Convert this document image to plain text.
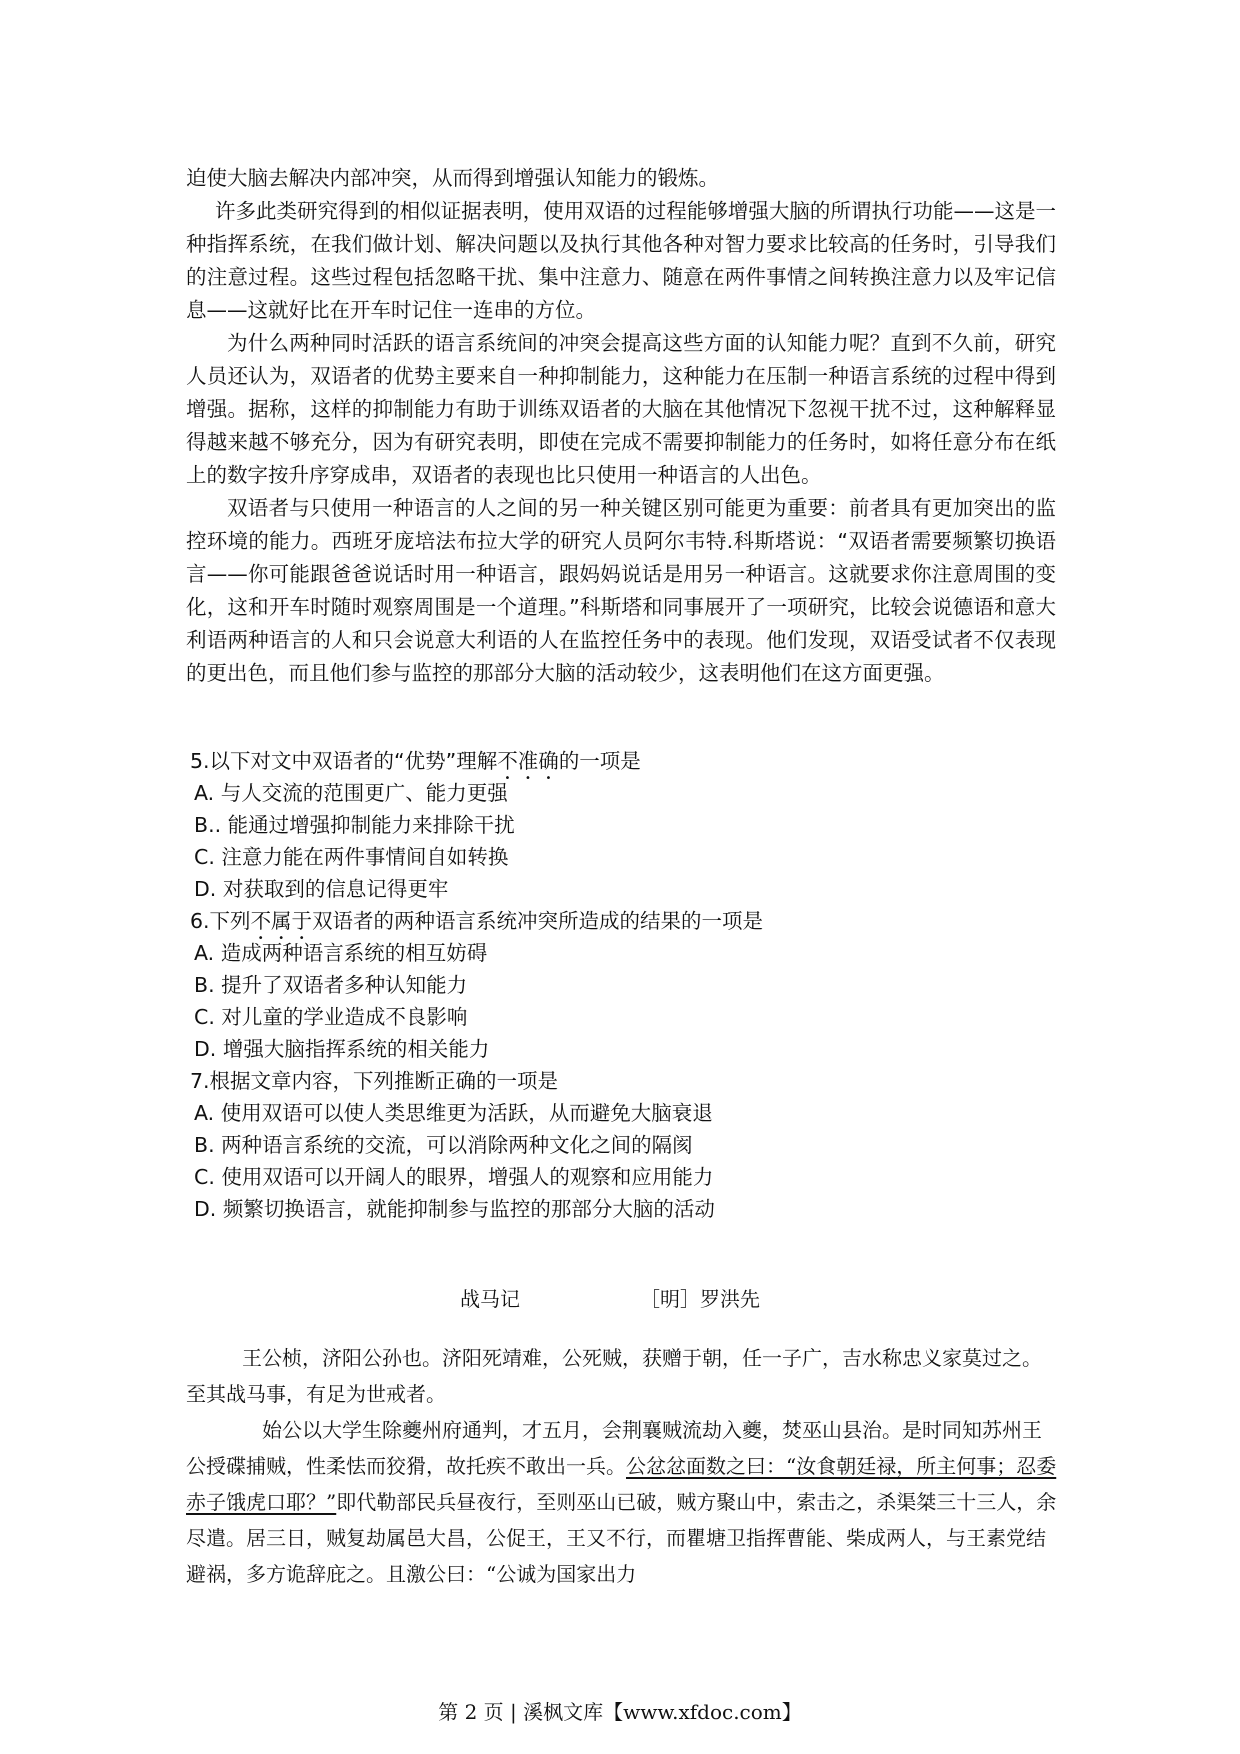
迫使大脑去解决内部冲突，从而得到增强认知能力的锻炼。

许多此类研究得到的相似证据表明，使用双语的过程能够增强大脑的所谓执行功能——这是一种指挥系统，在我们做计划、解决问题以及执行其他各种对智力要求比较高的任务时，引导我们的注意过程。这些过程包括忽略干扰、集中注意力、随意在两件事情之间转换注意力以及牢记信息——这就好比在开车时记住一连串的方位。

为什么两种同时活跃的语言系统间的冲突会提高这些方面的认知能力呢？直到不久前，研究人员还认为，双语者的优势主要来自一种抑制能力，这种能力在压制一种语言系统的过程中得到增强。据称，这样的抑制能力有助于训练双语者的大脑在其他情况下忽视干扰不过，这种解释显得越来越不够充分，因为有研究表明，即使在完成不需要抑制能力的任务时，如将任意分布在纸上的数字按升序穿成串，双语者的表现也比只使用一种语言的人出色。

双语者与只使用一种语言的人之间的另一种关键区别可能更为重要：前者具有更加突出的监控环境的能力。西班牙庞培法布拉大学的研究人员阿尔韦特.科斯塔说：“双语者需要频繁切换语言——你可能跟爸爸说话时用一种语言，跟妈妈说话是用另一种语言。这就要求你注意周围的变化，这和开车时随时观察周围是一个道理。”科斯塔和同事展开了一项研究，比较会说德语和意大利语两种语言的人和只会说意大利语的人在监控任务中的表现。他们发现，双语受试者不仅表现的更出色，而且他们参与监控的那部分大脑的活动较少，这表明他们在这方面更强。

5.以下对文中双语者的“优势”理解不准确的一项是
A. 与人交流的范围更广、能力更强
B.. 能通过增强抑制能力来排除干扰
C. 注意力能在两件事情间自如转换
D. 对获取到的信息记得更牢
6.下列不属于双语者的两种语言系统冲突所造成的结果的一项是
A. 造成两种语言系统的相互妨碍
B. 提升了双语者多种认知能力
C. 对儿童的学业造成不良影响
D. 增强大脑指挥系统的相关能力
7.根据文章内容，下列推断正确的一项是
A. 使用双语可以使人类思维更为活跃，从而避免大脑衰退
B. 两种语言系统的交流，可以消除两种文化之间的隔阂
C. 使用双语可以开阔人的眼界，增强人的观察和应用能力
D. 频繁切换语言，就能抑制参与监控的那部分大脑的活动
战马记	［明］罗洪先

王公桢，济阳公孙也。济阳死靖难，公死贼，获赠于朝，任一子广，吉水称忠义家莫过之。至其战马事，有足为世戒者。

始公以大学生除夔州府通判，才五月，会荆襄贼流劫入夔，焚巫山县治。是时同知苏州王公授碟捕贼，性柔怯而狡猾，故托疾不敢出一兵。公忿忿面数之曰：“汝食朝廷禄，所主何事；忍委赤子饿虎口耶？”即代勒部民兵昼夜行，至则巫山已破，贼方聚山中，索击之，杀渠桀三十三人，余尽遣。居三日，贼复劫属邑大昌，公促王，王又不行，而瞿塘卫指挥曹能、柴成两人，与王素党结避祸，多方诡辞庇之。且激公曰：“公诚为国家出力

第 2 页 | 溪枫文库【www.xfdoc.com】
